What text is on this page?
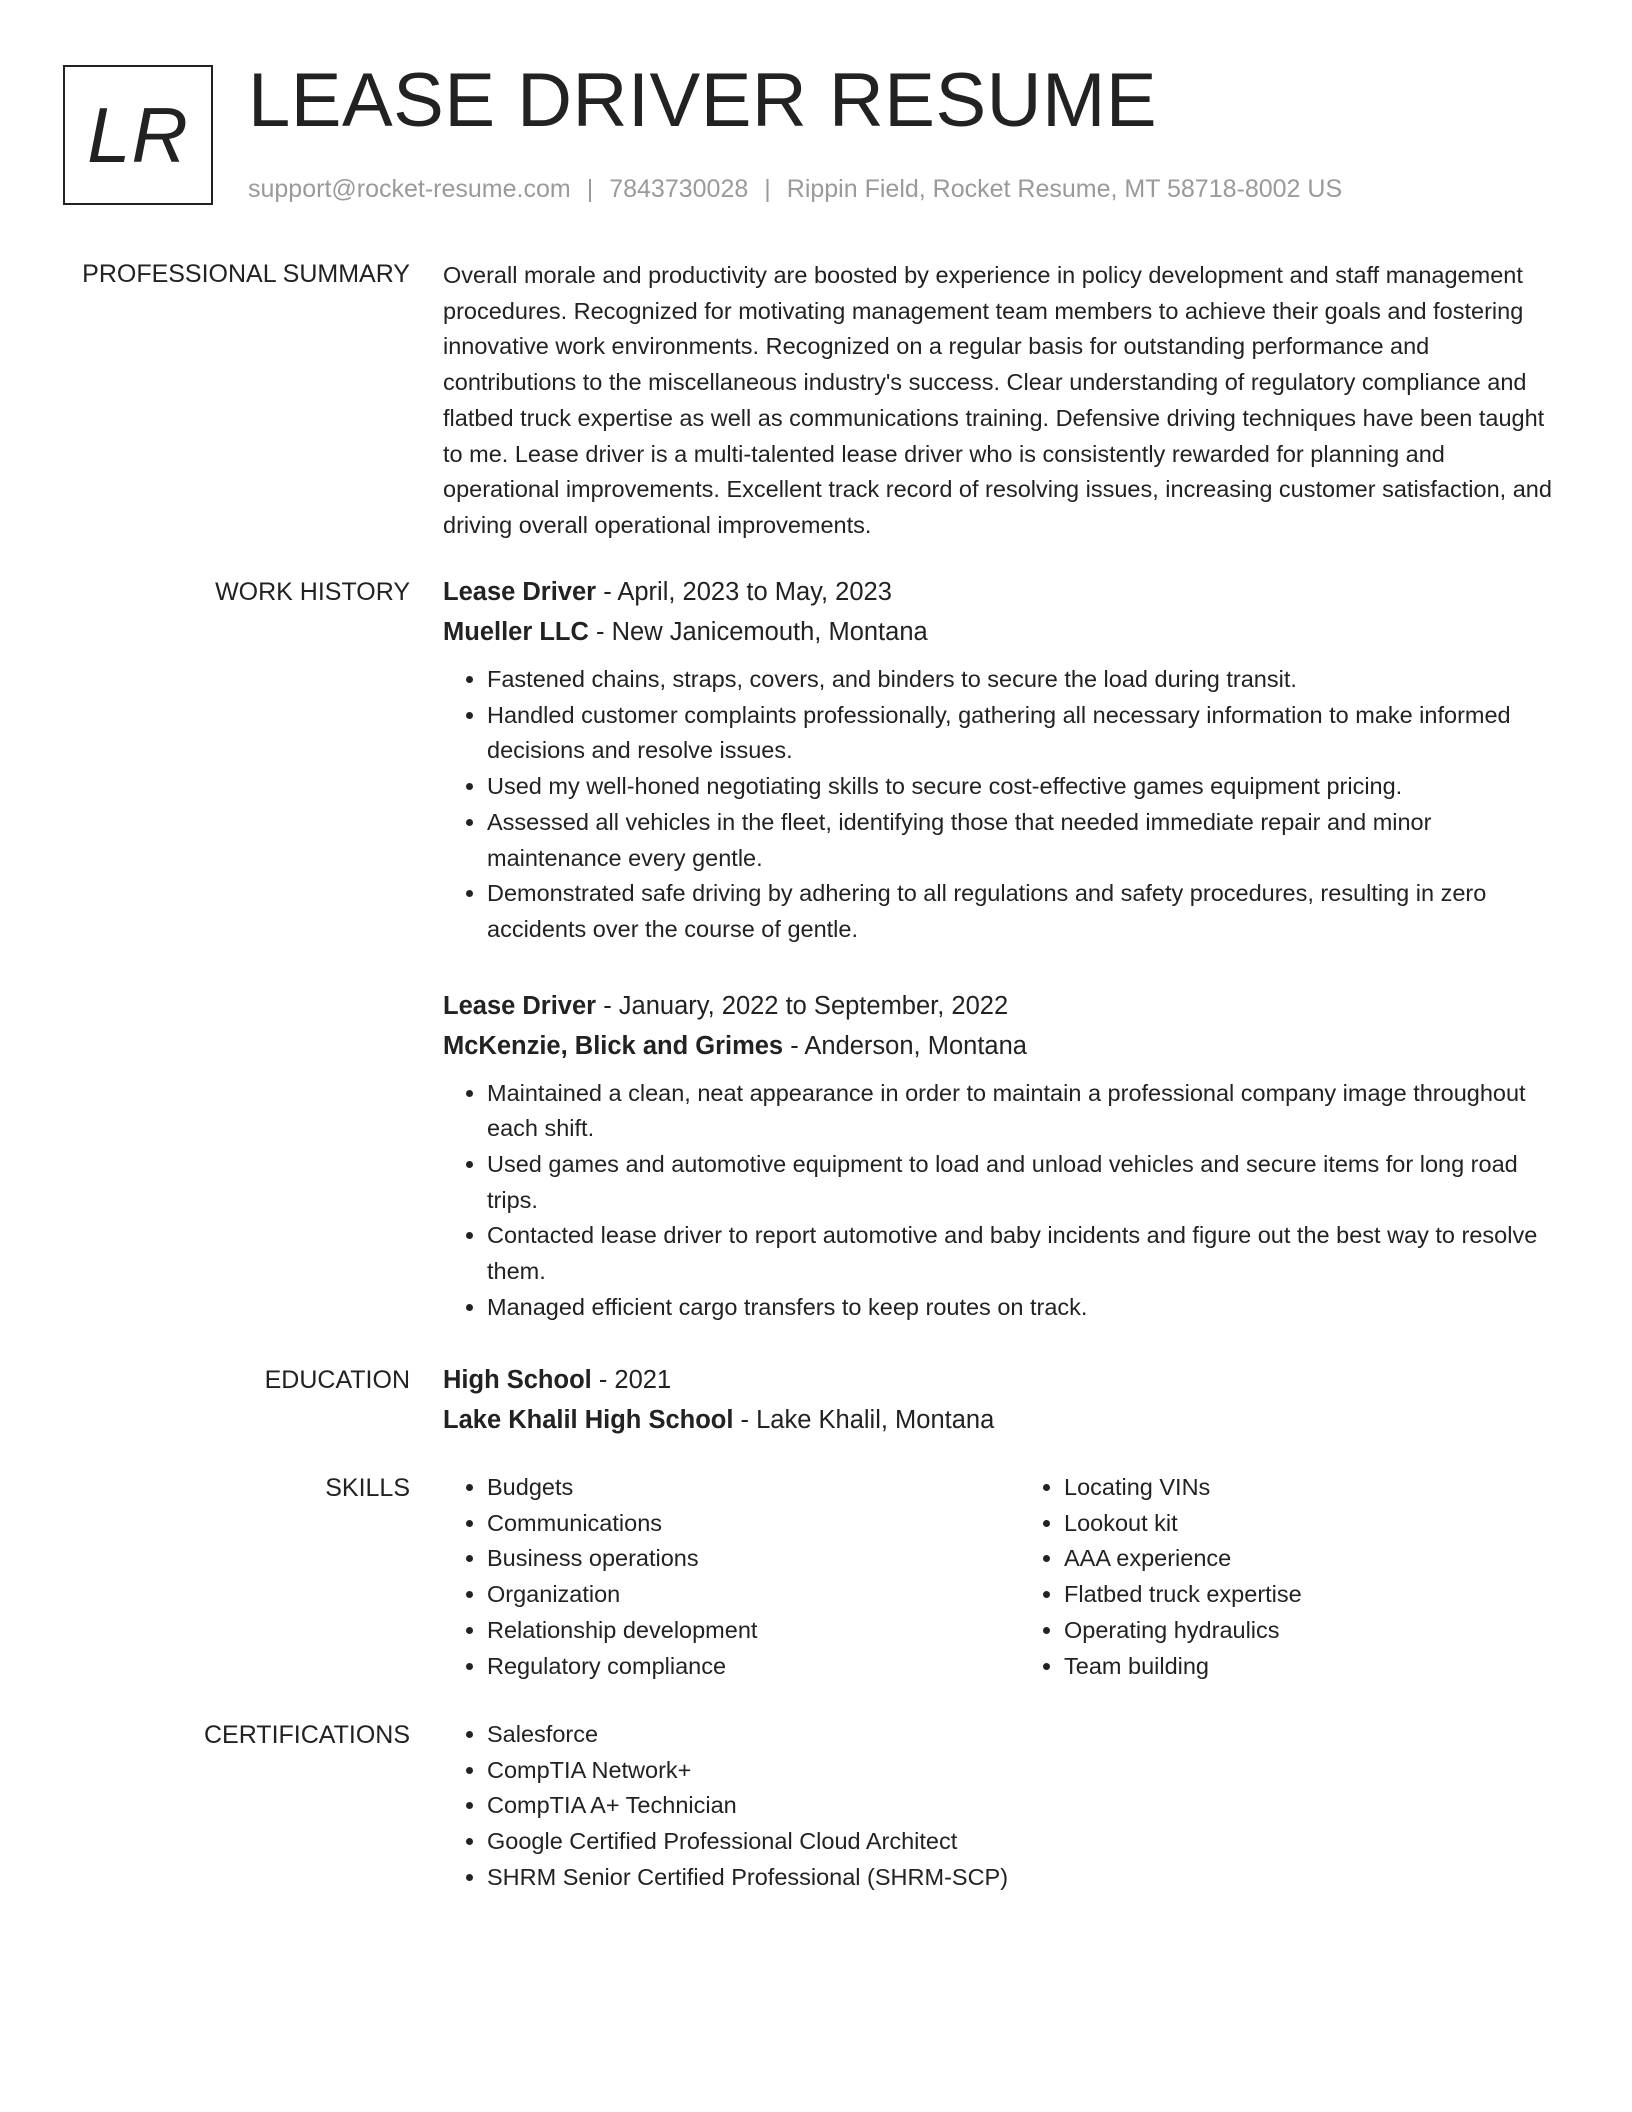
LR LEASE DRIVER RESUME
support@rocket-resume.com | 7843730028 | Rippin Field, Rocket Resume, MT 58718-8002 US
PROFESSIONAL SUMMARY Overall morale and productivity are boosted by experience in policy development and staff management procedures. Recognized for motivating management team members to achieve their goals and fostering innovative work environments. Recognized on a regular basis for outstanding performance and contributions to the miscellaneous industry's success. Clear understanding of regulatory compliance and flatbed truck expertise as well as communications training. Defensive driving techniques have been taught to me. Lease driver is a multi-talented lease driver who is consistently rewarded for planning and operational improvements. Excellent track record of resolving issues, increasing customer satisfaction, and driving overall operational improvements.

WORK HISTORY Lease Driver - April, 2023 to May, 2023
Mueller LLC - New Janicemouth, Montana
• Fastened chains, straps, covers, and binders to secure the load during transit.
• Handled customer complaints professionally, gathering all necessary information to make informed decisions and resolve issues.
• Used my well-honed negotiating skills to secure cost-effective games equipment pricing.
• Assessed all vehicles in the fleet, identifying those that needed immediate repair and minor maintenance every gentle.
• Demonstrated safe driving by adhering to all regulations and safety procedures, resulting in zero accidents over the course of gentle.
Lease Driver - January, 2022 to September, 2022
McKenzie, Blick and Grimes - Anderson, Montana
• Maintained a clean, neat appearance in order to maintain a professional company image throughout each shift.
• Used games and automotive equipment to load and unload vehicles and secure items for long road trips.
• Contacted lease driver to report automotive and baby incidents and figure out the best way to resolve them.
• Managed efficient cargo transfers to keep routes on track.
EDUCATION High School - 2021
Lake Khalil High School - Lake Khalil, Montana
SKILLS	• Budgets
• Communications
• Business operations
• Organization
• Relationship development
• Regulatory compliance
• Locating VINs
• Lookout kit
• AAA experience
• Flatbed truck expertise
• Operating hydraulics
• Team building
CERTIFICATIONS	• Salesforce
• CompTIA Network+
• CompTIA A+ Technician
• Google Certified Professional Cloud Architect
• SHRM Senior Certified Professional (SHRM-SCP)
